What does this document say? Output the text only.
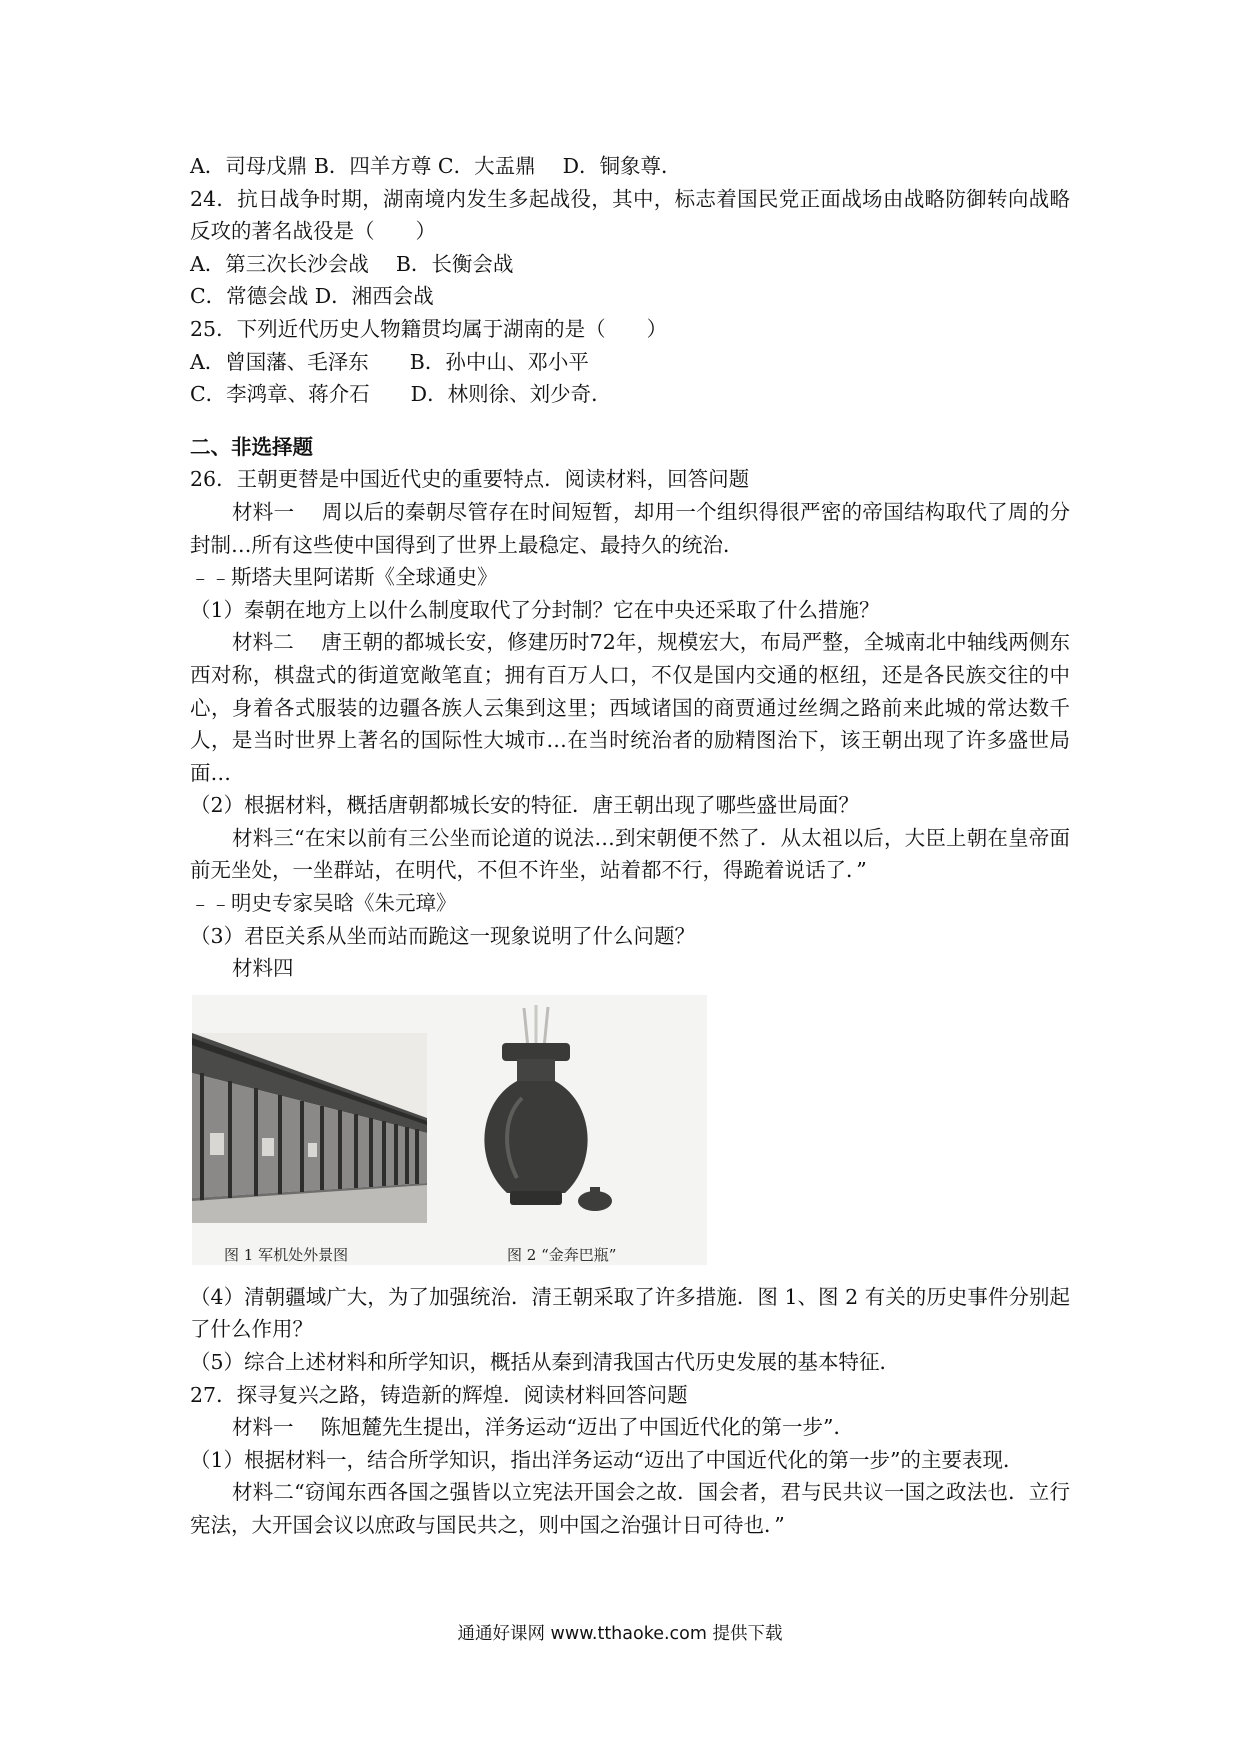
A．司母戊鼎 B．四羊方尊 C．大盂鼎　 D．铜象尊．
24．抗日战争时期，湖南境内发生多起战役，其中，标志着国民党正面战场由战略防御转向战略反攻的著名战役是（　　）
A．第三次长沙会战　 B．长衡会战
C．常德会战 D．湘西会战
25．下列近代历史人物籍贯均属于湖南的是（　　）
A．曾国藩、毛泽东　　B．孙中山、邓小平
C．李鸿章、蒋介石　　D．林则徐、刘少奇．
二、非选择题
26．王朝更替是中国近代史的重要特点．阅读材料，回答问题
材料一　 周以后的秦朝尽管存在时间短暂，却用一个组织得很严密的帝国结构取代了周的分封制…所有这些使中国得到了世界上最稳定、最持久的统治．
﹣﹣斯塔夫里阿诺斯《全球通史》
（1）秦朝在地方上以什么制度取代了分封制？它在中央还采取了什么措施？
材料二　 唐王朝的都城长安，修建历时72年，规模宏大，布局严整，全城南北中轴线两侧东西对称，棋盘式的街道宽敞笔直；拥有百万人口，不仅是国内交通的枢纽，还是各民族交往的中心，身着各式服装的边疆各族人云集到这里；西域诸国的商贾通过丝绸之路前来此城的常达数千人，是当时世界上著名的国际性大城市…在当时统治者的励精图治下，该王朝出现了许多盛世局面…
（2）根据材料，概括唐朝都城长安的特征．唐王朝出现了哪些盛世局面？
材料三“在宋以前有三公坐而论道的说法…到宋朝便不然了．从太祖以后，大臣上朝在皇帝面前无坐处，一坐群站，在明代，不但不许坐，站着都不行，得跪着说话了．”
﹣﹣明史专家吴晗《朱元璋》
（3）君臣关系从坐而站而跪这一现象说明了什么问题？
材料四
图 1 军机处外景图	图 2 “金奔巴瓶”
（4）清朝疆域广大，为了加强统治．清王朝采取了许多措施．图 1、图 2 有关的历史事件分别起了什么作用？
（5）综合上述材料和所学知识，概括从秦到清我国古代历史发展的基本特征．
27．探寻复兴之路，铸造新的辉煌．阅读材料回答问题
材料一　 陈旭麓先生提出，洋务运动“迈出了中国近代化的第一步”．
（1）根据材料一，结合所学知识，指出洋务运动“迈出了中国近代化的第一步”的主要表现．
材料二“窃闻东西各国之强皆以立宪法开国会之故．国会者，君与民共议一国之政法也．立行宪法，大开国会议以庶政与国民共之，则中国之治强计日可待也．”
通通好课网 www.tthaoke.com 提供下载
